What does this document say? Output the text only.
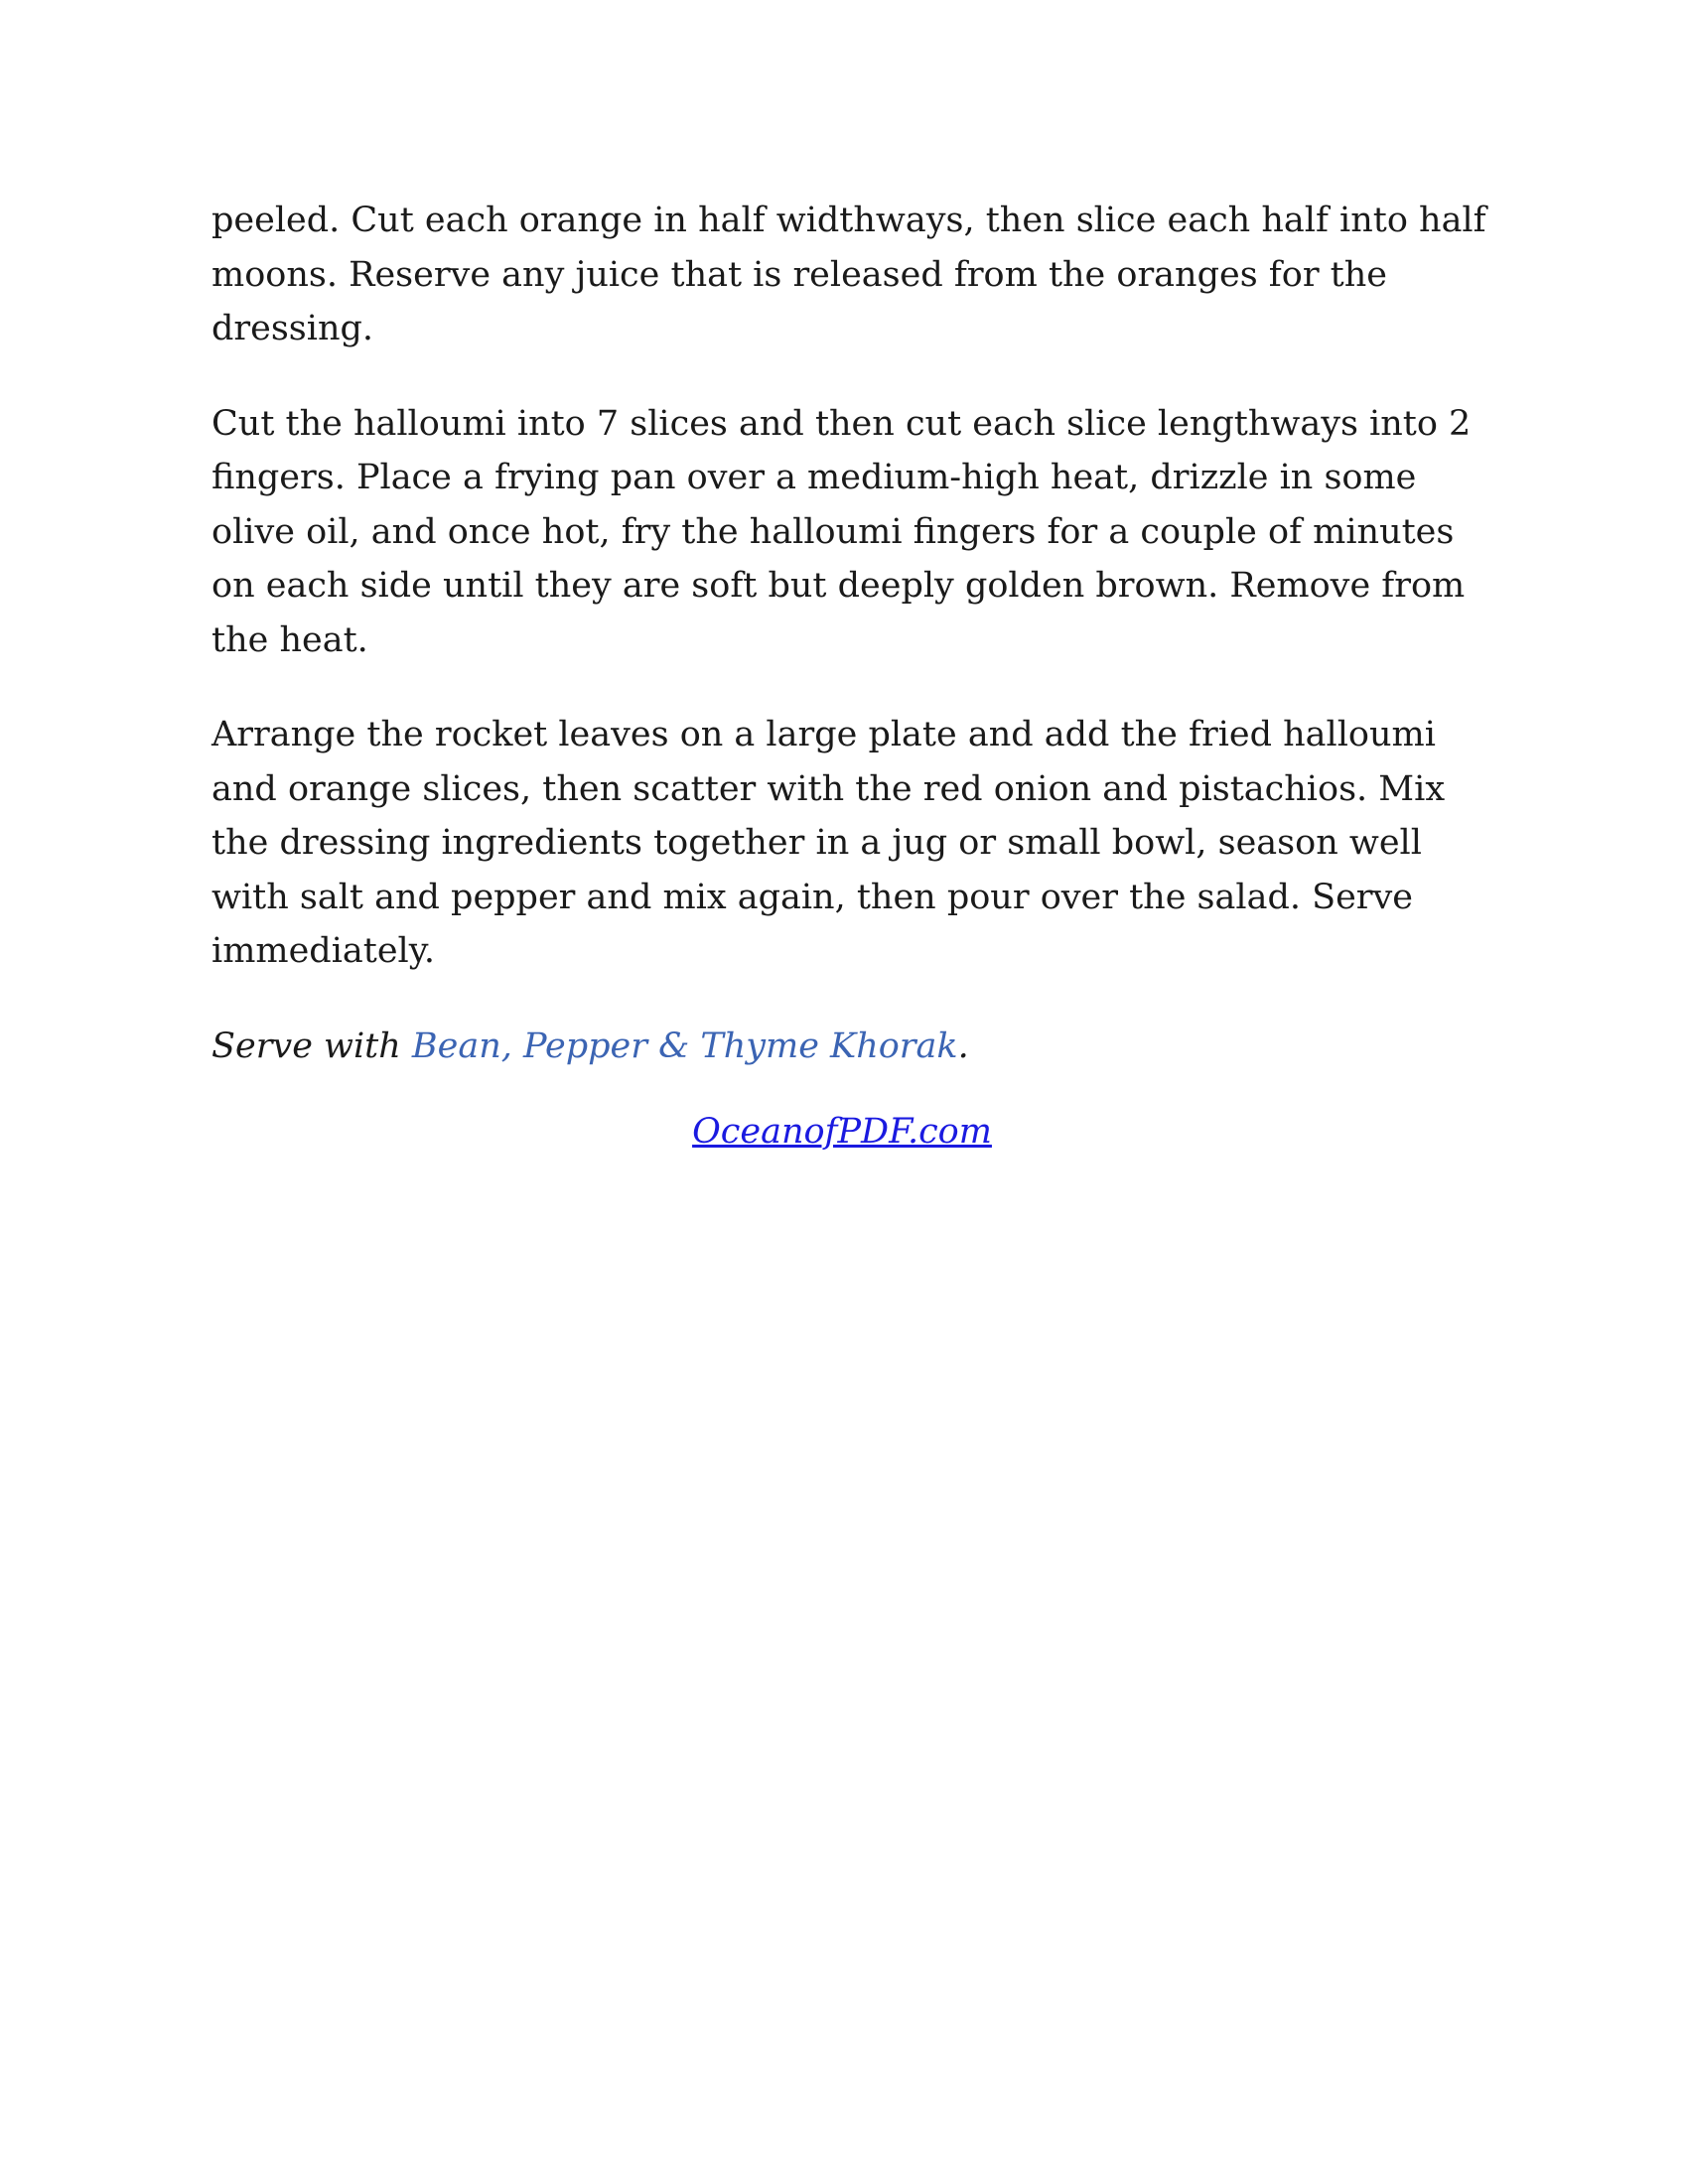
peeled. Cut each orange in half widthways, then slice each half into half moons. Reserve any juice that is released from the oranges for the dressing.

Cut the halloumi into 7 slices and then cut each slice lengthways into 2 fingers. Place a frying pan over a medium-high heat, drizzle in some olive oil, and once hot, fry the halloumi fingers for a couple of minutes on each side until they are soft but deeply golden brown. Remove from the heat.

Arrange the rocket leaves on a large plate and add the fried halloumi and orange slices, then scatter with the red onion and pistachios. Mix the dressing ingredients together in a jug or small bowl, season well with salt and pepper and mix again, then pour over the salad. Serve immediately.

Serve with Bean, Pepper & Thyme Khorak.

OceanofPDF.com
